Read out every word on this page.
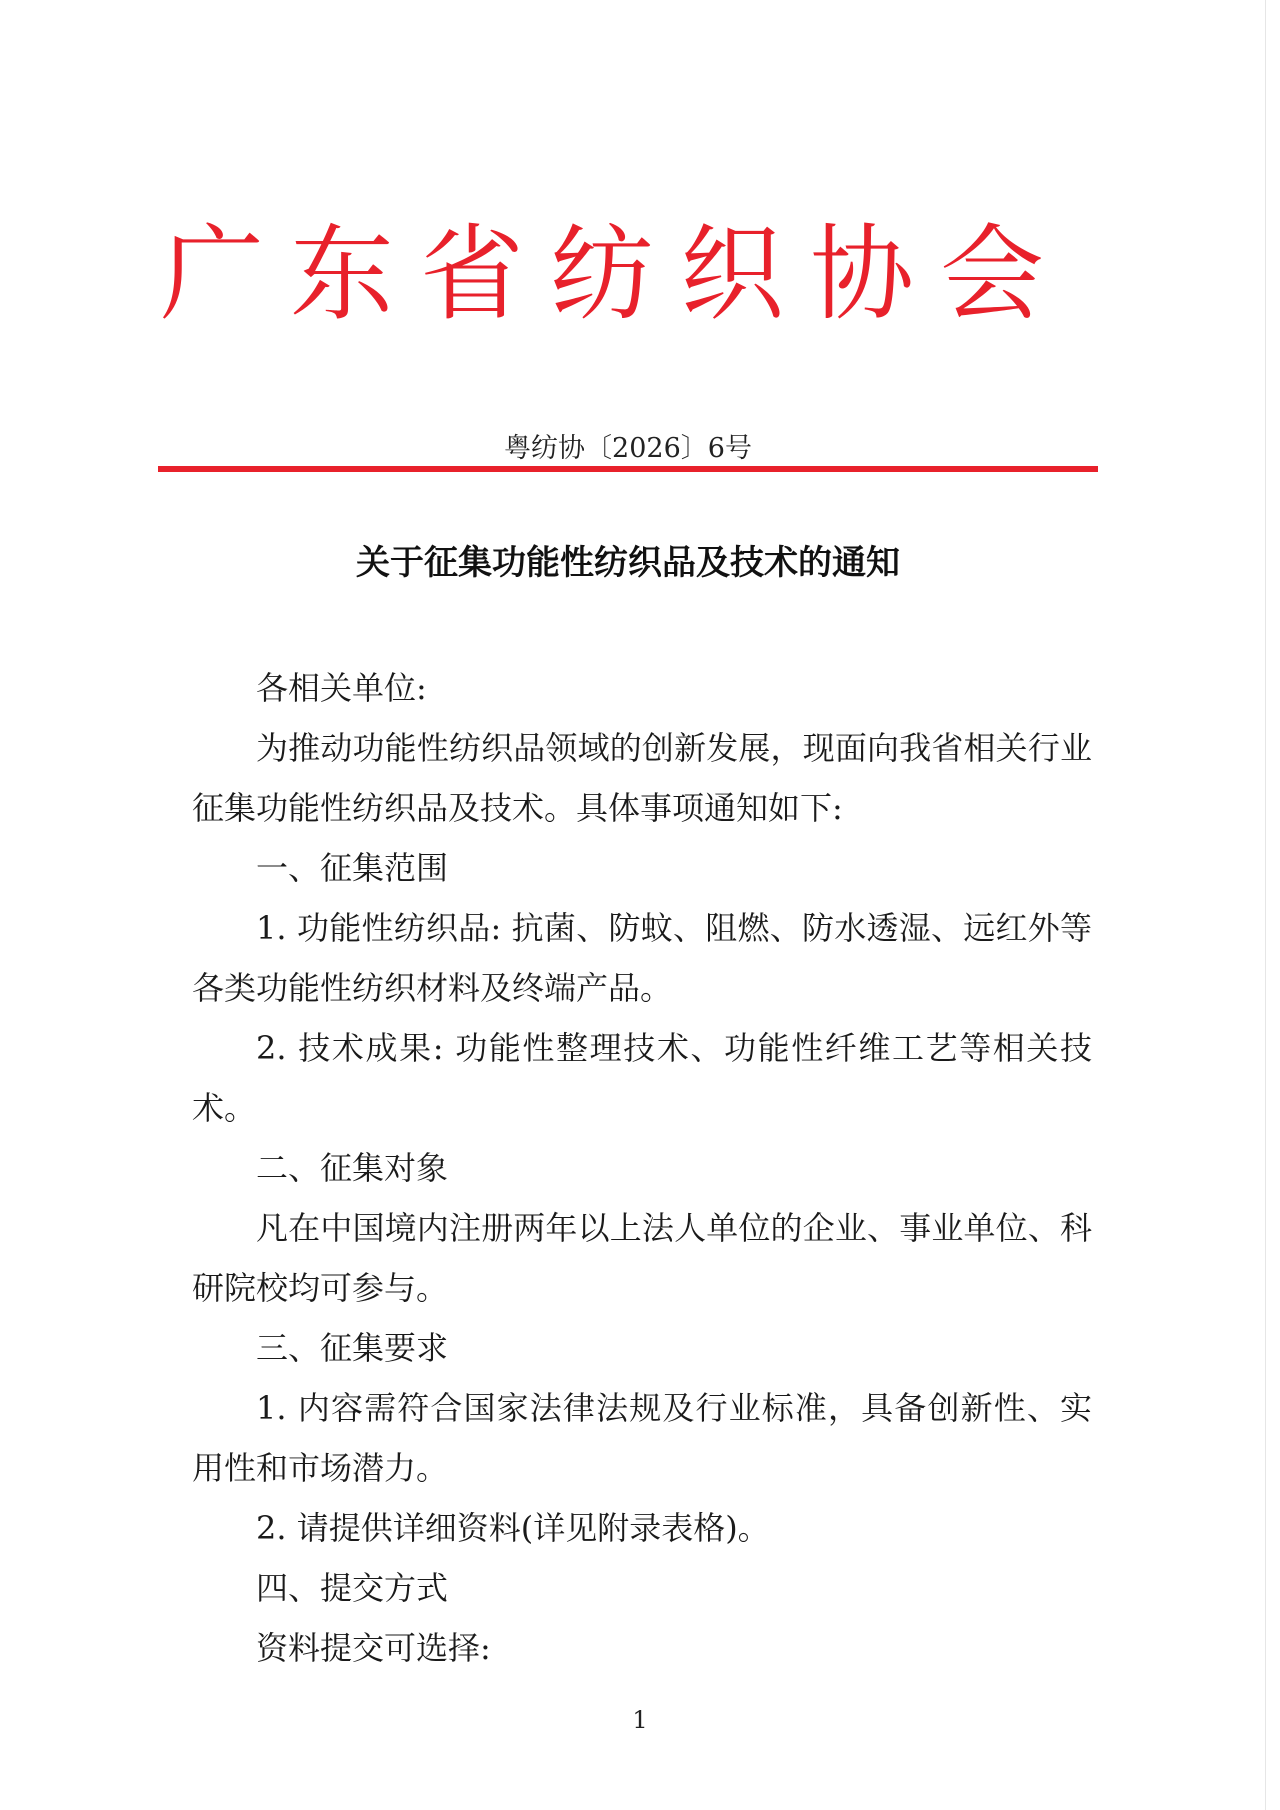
广东省纺织协会
粤纺协〔2026〕6号
关于征集功能性纺织品及技术的通知

各相关单位:

为推动功能性纺织品领域的创新发展，现面向我省相关行业征集功能性纺织品及技术。具体事项通知如下:

一、征集范围

1. 功能性纺织品: 抗菌、防蚊、阻燃、防水透湿、远红外等各类功能性纺织材料及终端产品。

2. 技术成果: 功能性整理技术、功能性纤维工艺等相关技术。

二、征集对象

凡在中国境内注册两年以上法人单位的企业、事业单位、科研院校均可参与。

三、征集要求

1. 内容需符合国家法律法规及行业标准，具备创新性、实用性和市场潜力。

2. 请提供详细资料(详见附录表格)。

四、提交方式

资料提交可选择:

1
